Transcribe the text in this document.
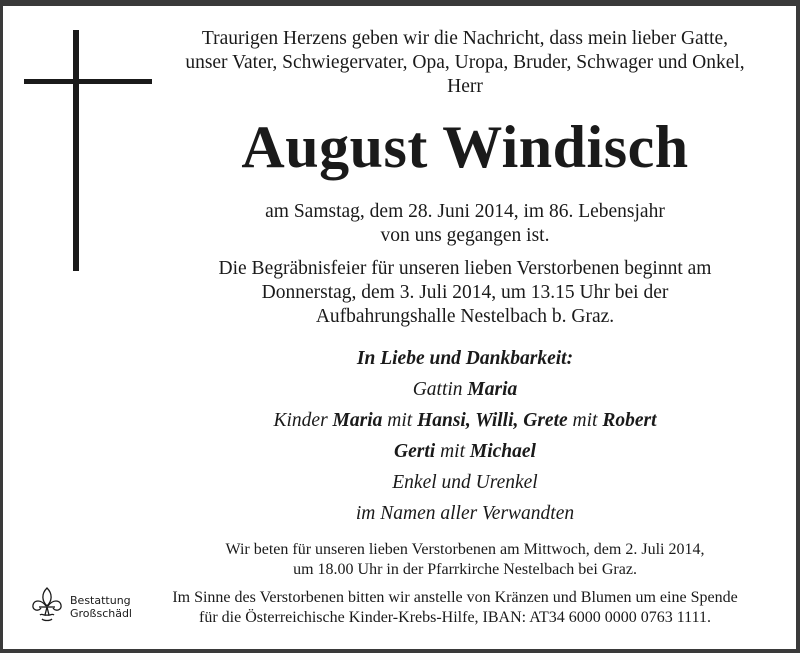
Traurigen Herzens geben wir die Nachricht, dass mein lieber Gatte,
unser Vater, Schwiegervater, Opa, Uropa, Bruder, Schwager und Onkel,
Herr
August Windisch
am Samstag, dem 28. Juni 2014, im 86. Lebensjahr
von uns gegangen ist.
Die Begräbnisfeier für unseren lieben Verstorbenen beginnt am
Donnerstag, dem 3. Juli 2014, um 13.15 Uhr bei der
Aufbahrungshalle Nestelbach b. Graz.
In Liebe und Dankbarkeit:
Gattin Maria
Kinder Maria mit Hansi, Willi, Grete mit Robert
Gerti mit Michael
Enkel und Urenkel
im Namen aller Verwandten
Wir beten für unseren lieben Verstorbenen am Mittwoch, dem 2. Juli 2014,
um 18.00 Uhr in der Pfarrkirche Nestelbach bei Graz.
Im Sinne des Verstorbenen bitten wir anstelle von Kränzen und Blumen um eine Spende
für die Österreichische Kinder-Krebs-Hilfe, IBAN: AT34 6000 0000 0763 1111.
Bestattung
Großschädl
